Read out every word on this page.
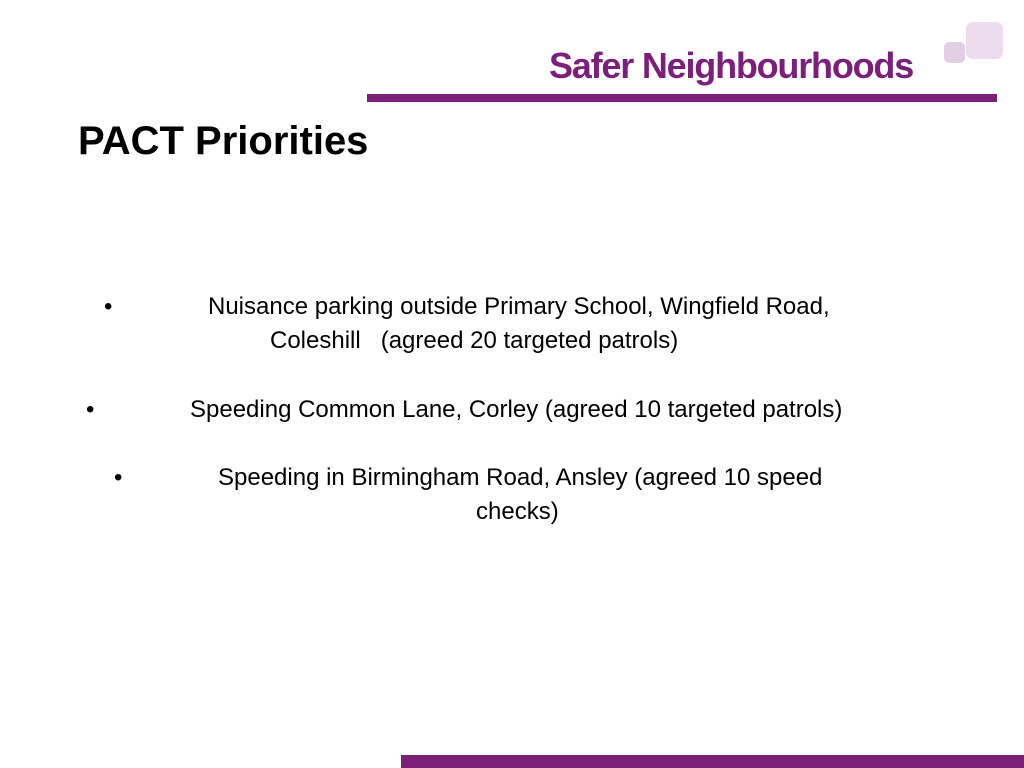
Safer Neighbourhoods
PACT Priorities
•	Nuisance parking outside Primary School, Wingfield Road,
Coleshill   (agreed 20 targeted patrols)
•	Speeding Common Lane, Corley (agreed 10 targeted patrols)
•	Speeding in Birmingham Road, Ansley (agreed 10 speed
checks)
